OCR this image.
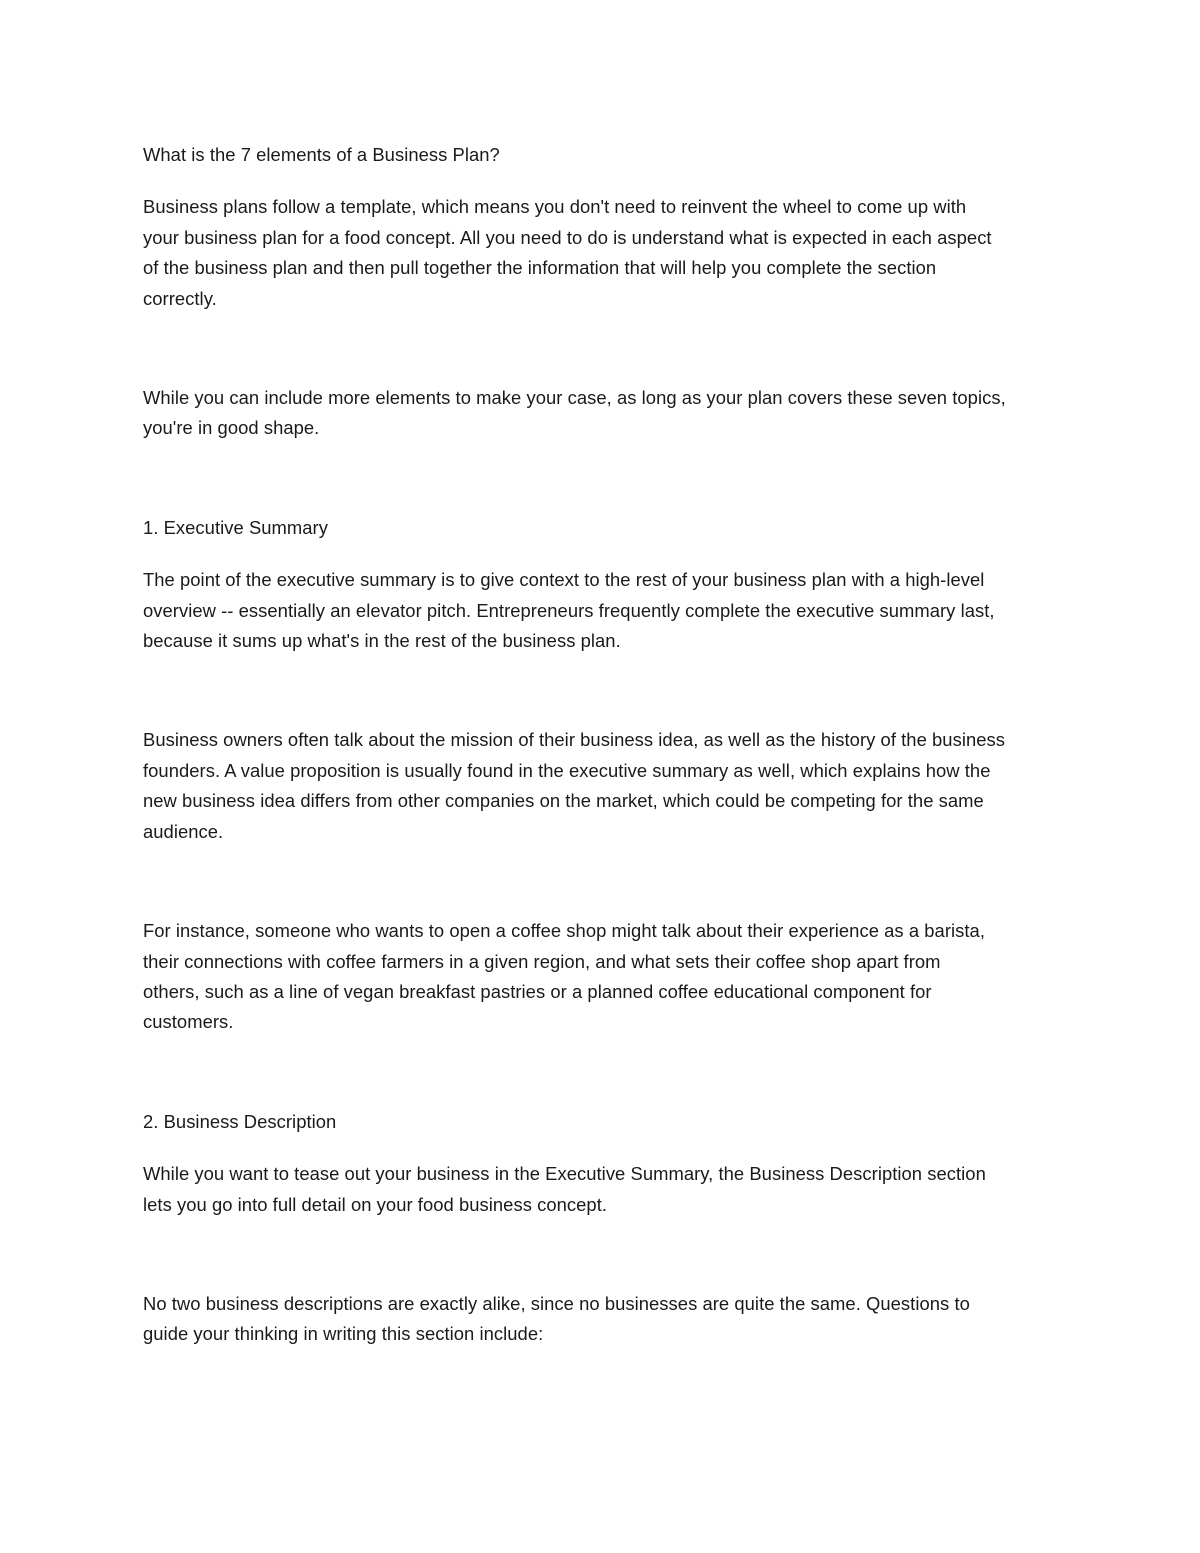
What is the 7 elements of a Business Plan?

Business plans follow a template, which means you don't need to reinvent the wheel to come up with
your business plan for a food concept. All you need to do is understand what is expected in each aspect
of the business plan and then pull together the information that will help you complete the section
correctly.

While you can include more elements to make your case, as long as your plan covers these seven topics,
you're in good shape.

1. Executive Summary

The point of the executive summary is to give context to the rest of your business plan with a high-level
overview -- essentially an elevator pitch. Entrepreneurs frequently complete the executive summary last,
because it sums up what's in the rest of the business plan.

Business owners often talk about the mission of their business idea, as well as the history of the business
founders. A value proposition is usually found in the executive summary as well, which explains how the
new business idea differs from other companies on the market, which could be competing for the same
audience.

For instance, someone who wants to open a coffee shop might talk about their experience as a barista,
their connections with coffee farmers in a given region, and what sets their coffee shop apart from
others, such as a line of vegan breakfast pastries or a planned coffee educational component for
customers.

2. Business Description

While you want to tease out your business in the Executive Summary, the Business Description section
lets you go into full detail on your food business concept.

No two business descriptions are exactly alike, since no businesses are quite the same. Questions to
guide your thinking in writing this section include:
